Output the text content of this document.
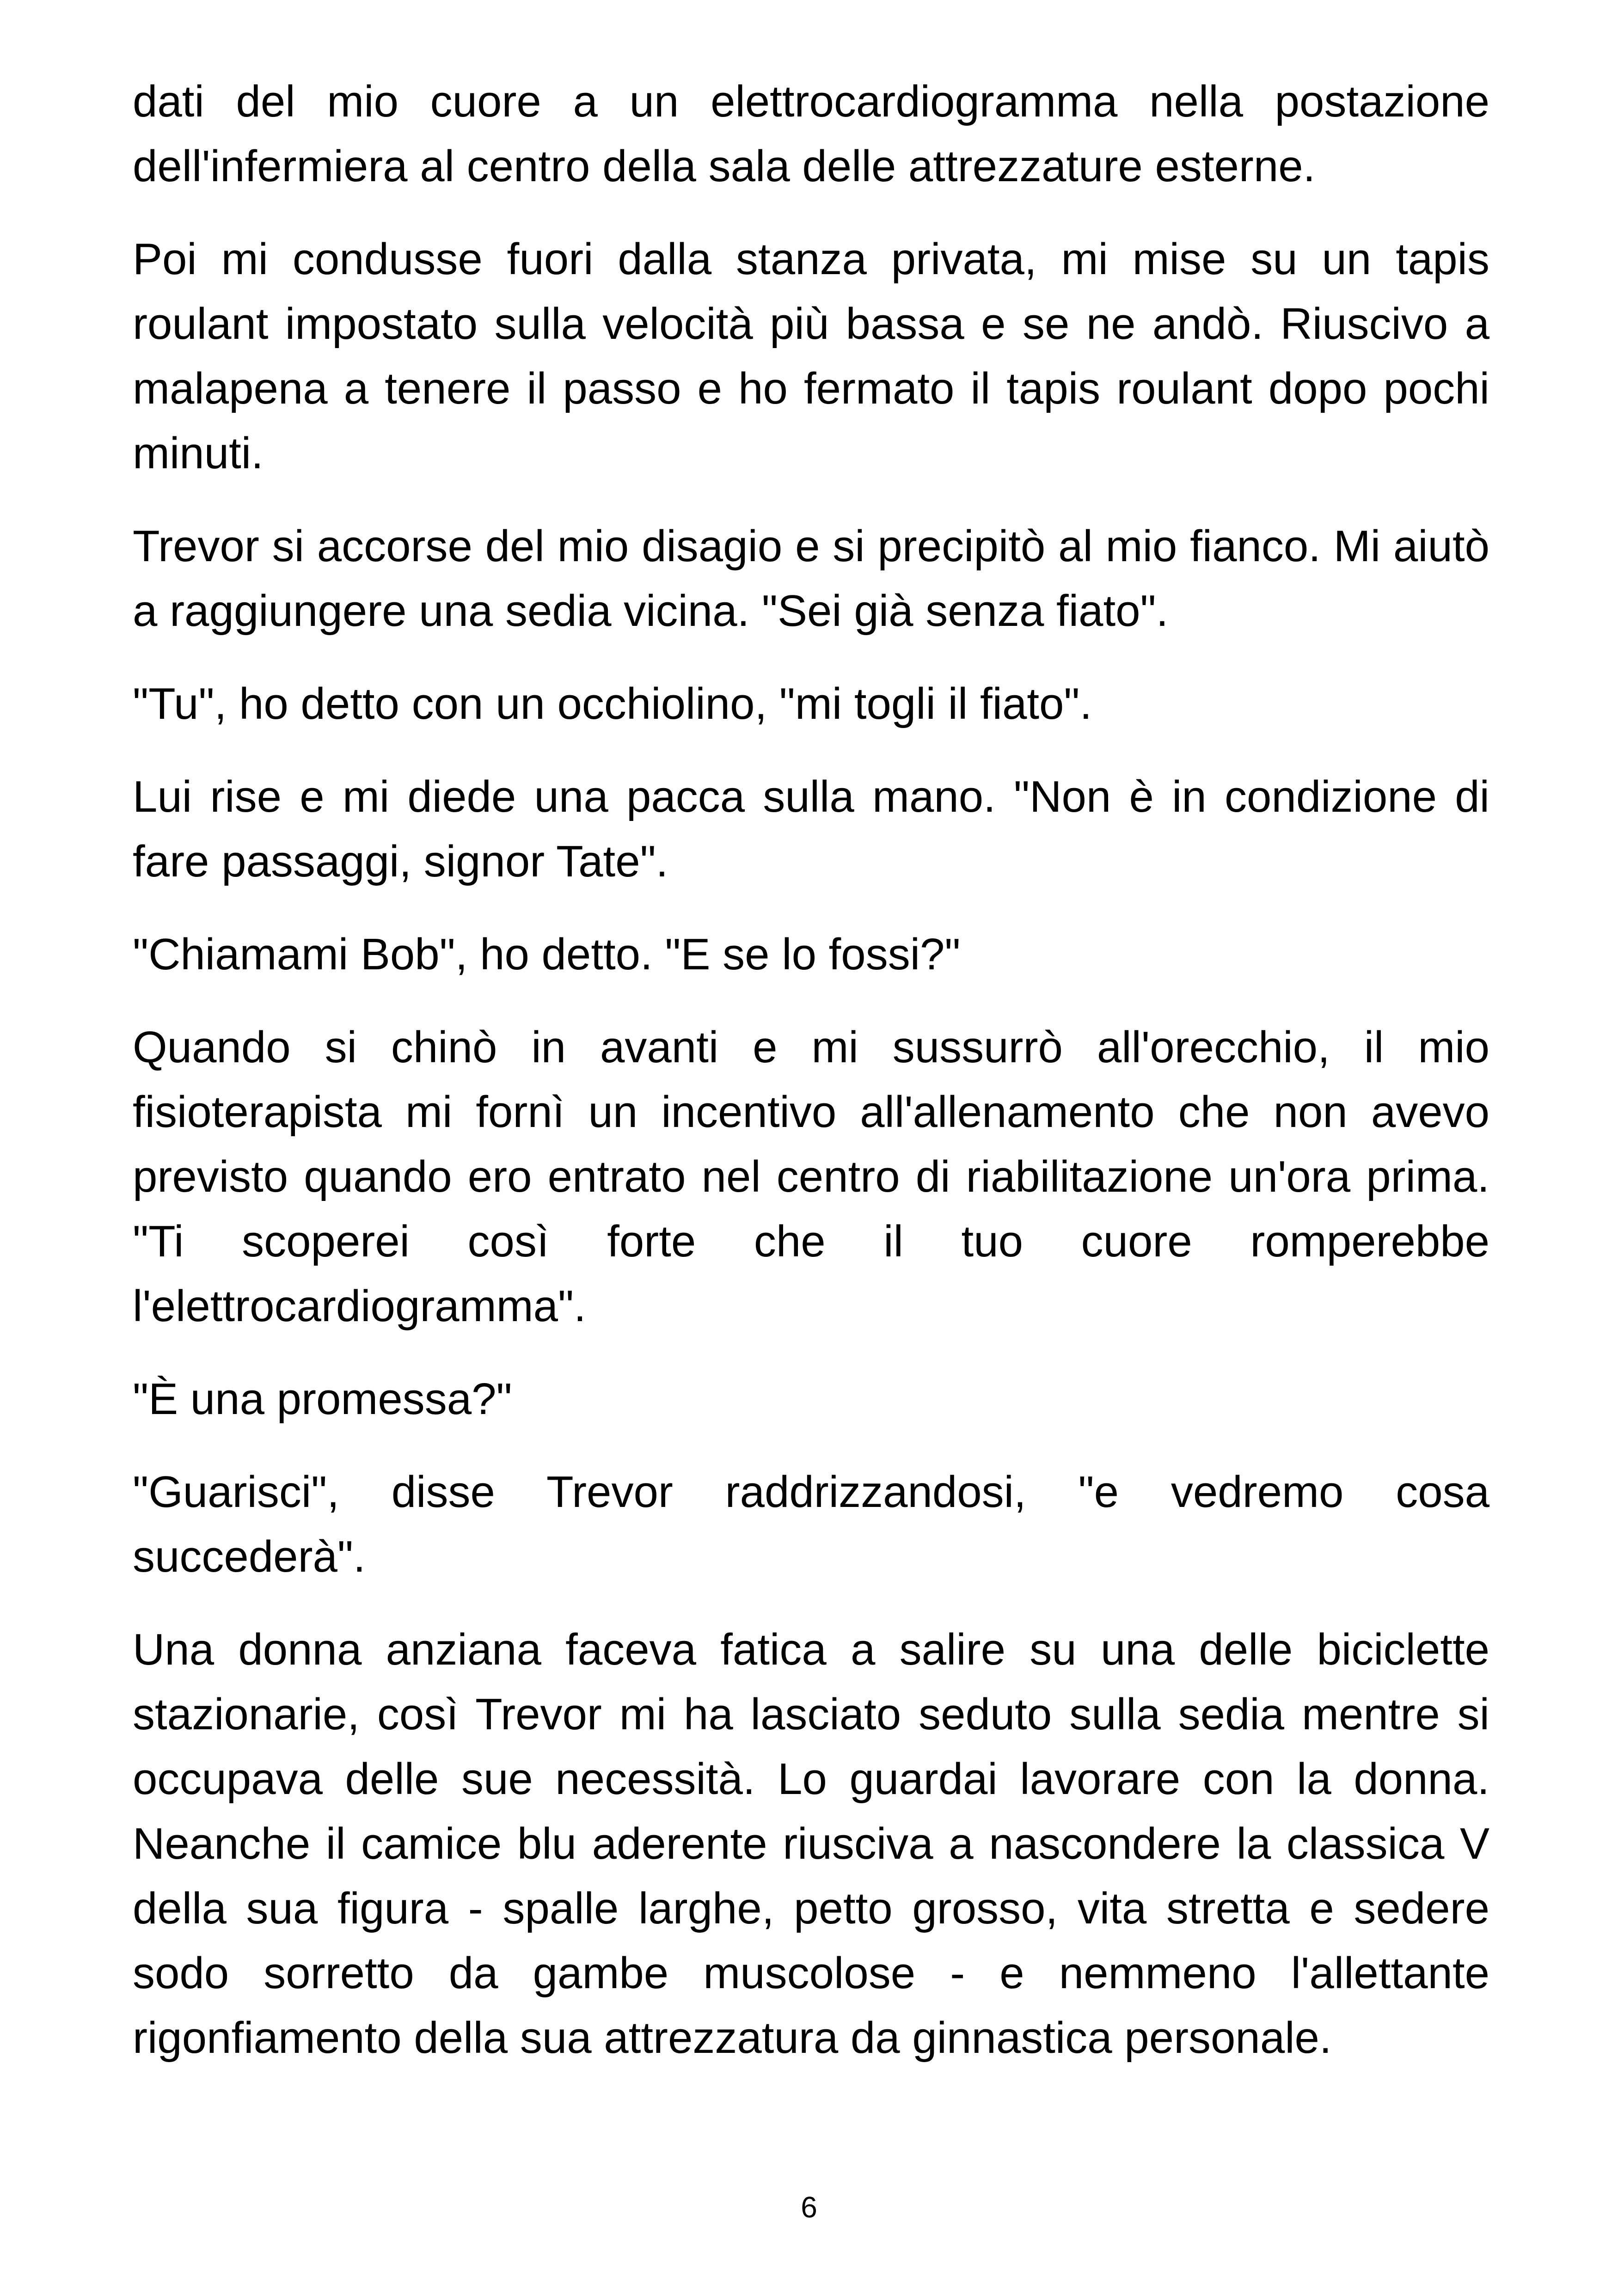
dati del mio cuore a un elettrocardiogramma nella postazione dell'infermiera al centro della sala delle attrezzature esterne.

Poi mi condusse fuori dalla stanza privata, mi mise su un tapis roulant impostato sulla velocità più bassa e se ne andò. Riuscivo a malapena a tenere il passo e ho fermato il tapis roulant dopo pochi minuti.

Trevor si accorse del mio disagio e si precipitò al mio fianco. Mi aiutò a raggiungere una sedia vicina. "Sei già senza fiato".

"Tu", ho detto con un occhiolino, "mi togli il fiato".

Lui rise e mi diede una pacca sulla mano. "Non è in condizione di fare passaggi, signor Tate".

"Chiamami Bob", ho detto. "E se lo fossi?"

Quando si chinò in avanti e mi sussurrò all'orecchio, il mio fisioterapista mi fornì un incentivo all'allenamento che non avevo previsto quando ero entrato nel centro di riabilitazione un'ora prima. "Ti scoperei così forte che il tuo cuore romperebbe l'elettrocardiogramma".

"È una promessa?"

"Guarisci", disse Trevor raddrizzandosi, "e vedremo cosa succederà".

Una donna anziana faceva fatica a salire su una delle biciclette stazionarie, così Trevor mi ha lasciato seduto sulla sedia mentre si occupava delle sue necessità. Lo guardai lavorare con la donna. Neanche il camice blu aderente riusciva a nascondere la classica V della sua figura - spalle larghe, petto grosso, vita stretta e sedere sodo sorretto da gambe muscolose - e nemmeno l'allettante rigonfiamento della sua attrezzatura da ginnastica personale.

6
